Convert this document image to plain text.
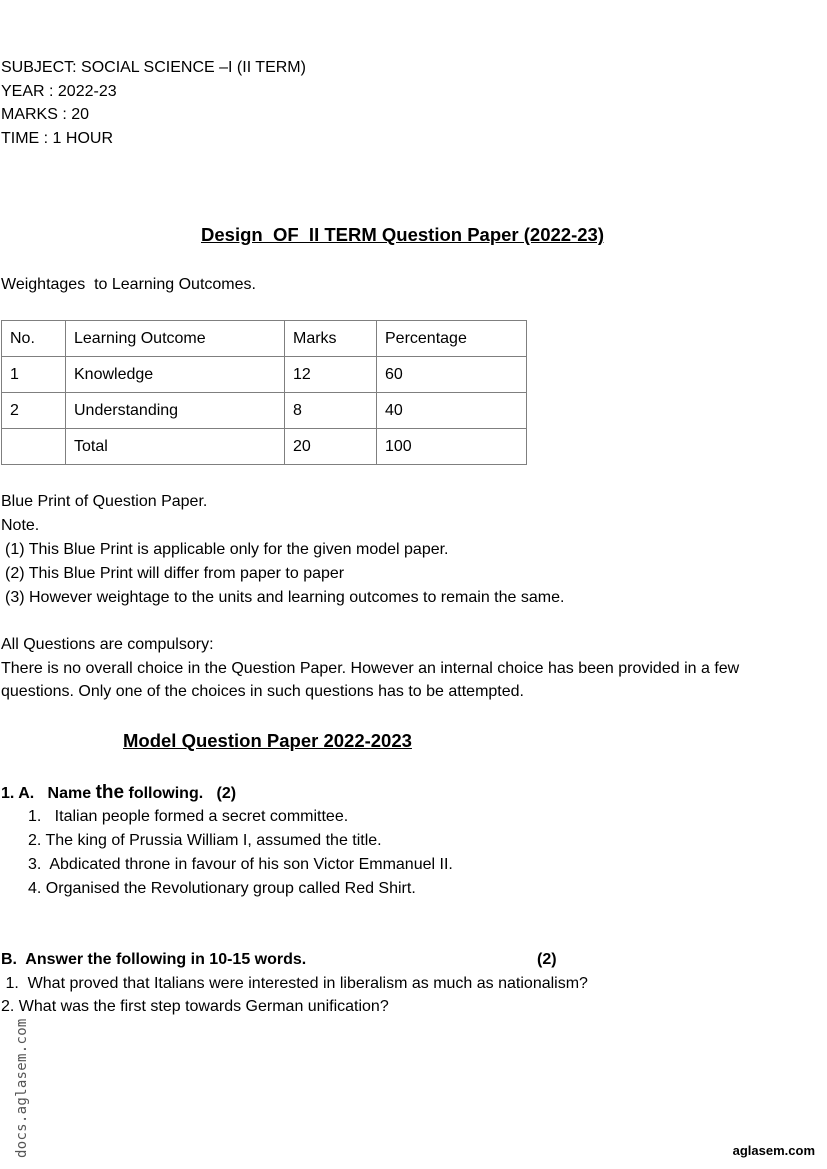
SUBJECT: SOCIAL SCIENCE –I (II TERM)
YEAR : 2022-23
MARKS : 20
TIME : 1 HOUR
Design  OF  II TERM Question Paper (2022-23)
Weightages  to Learning Outcomes.
No.	Learning Outcome	Marks	Percentage
1	Knowledge	12	60
2	Understanding	8	40
	Total	20	100
Blue Print of Question Paper.
Note.
(1) This Blue Print is applicable only for the given model paper.
(2) This Blue Print will differ from paper to paper
(3) However weightage to the units and learning outcomes to remain the same.
All Questions are compulsory:
There is no overall choice in the Question Paper. However an internal choice has been provided in a few
questions. Only one of the choices in such questions has to be attempted.
Model Question Paper 2022-2023
1. A.   Name the following.   (2)
1.   Italian people formed a secret committee.
2. The king of Prussia William I, assumed the title.
3.  Abdicated throne in favour of his son Victor Emmanuel II.
4. Organised the Revolutionary group called Red Shirt.
B.  Answer the following in 10-15 words.	(2)
1.  What proved that Italians were interested in liberalism as much as nationalism?
2. What was the first step towards German unification?
docs.aglasem.com	aglasem.com
